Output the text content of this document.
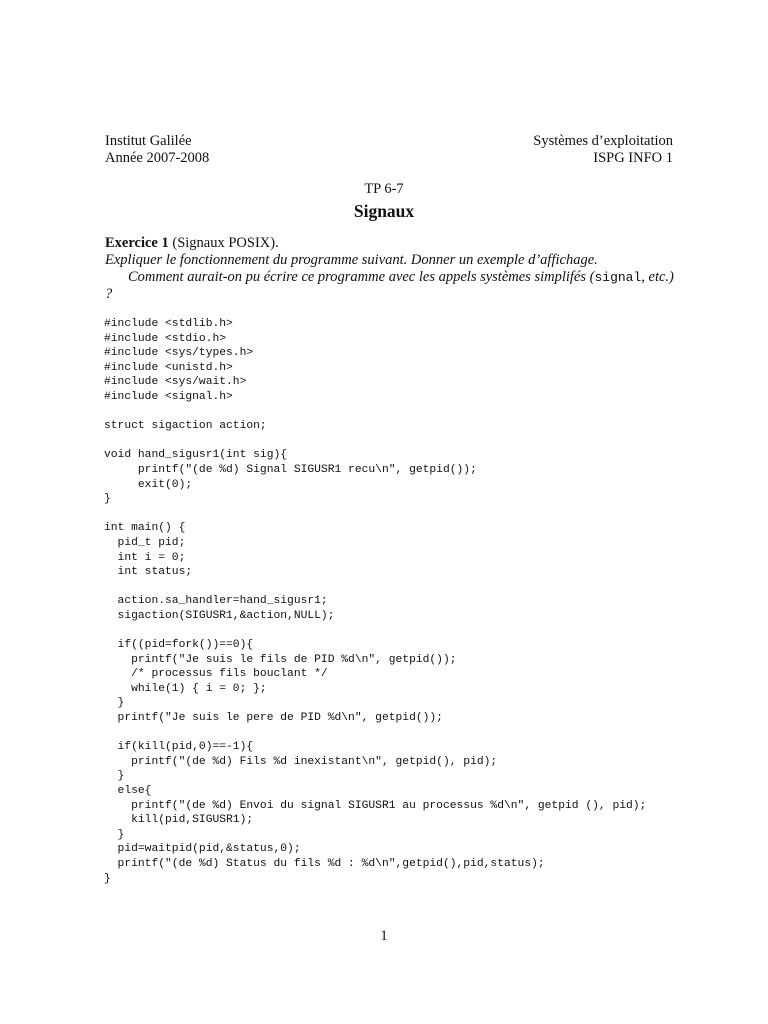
Institut Galilée
Année 2007-2008
Systèmes d’exploitation
ISPG INFO 1
TP 6-7
Signaux
Exercice 1 (Signaux POSIX).
Expliquer le fonctionnement du programme suivant. Donner un exemple d’affichage.
Comment aurait-on pu écrire ce programme avec les appels systèmes simplifés (signal, etc.) ?
#include <stdlib.h>
#include <stdio.h>
#include <sys/types.h>
#include <unistd.h>
#include <sys/wait.h>
#include <signal.h>
struct sigaction action;
void hand_sigusr1(int sig){
printf("(de %d) Signal SIGUSR1 recu\n", getpid());
exit(0);
}
int main() {
pid_t pid;
int i = 0;
int status;
action.sa_handler=hand_sigusr1;
sigaction(SIGUSR1,&action,NULL);
if((pid=fork())==0){
printf("Je suis le fils de PID %d\n", getpid());
/* processus fils bouclant */
while(1) { i = 0; };
}
printf("Je suis le pere de PID %d\n", getpid());
if(kill(pid,0)==-1){
printf("(de %d) Fils %d inexistant\n", getpid(), pid);
}
else{
printf("(de %d) Envoi du signal SIGUSR1 au processus %d\n", getpid (), pid);
kill(pid,SIGUSR1);
}
pid=waitpid(pid,&status,0);
printf("(de %d) Status du fils %d : %d\n",getpid(),pid,status);
}
1
